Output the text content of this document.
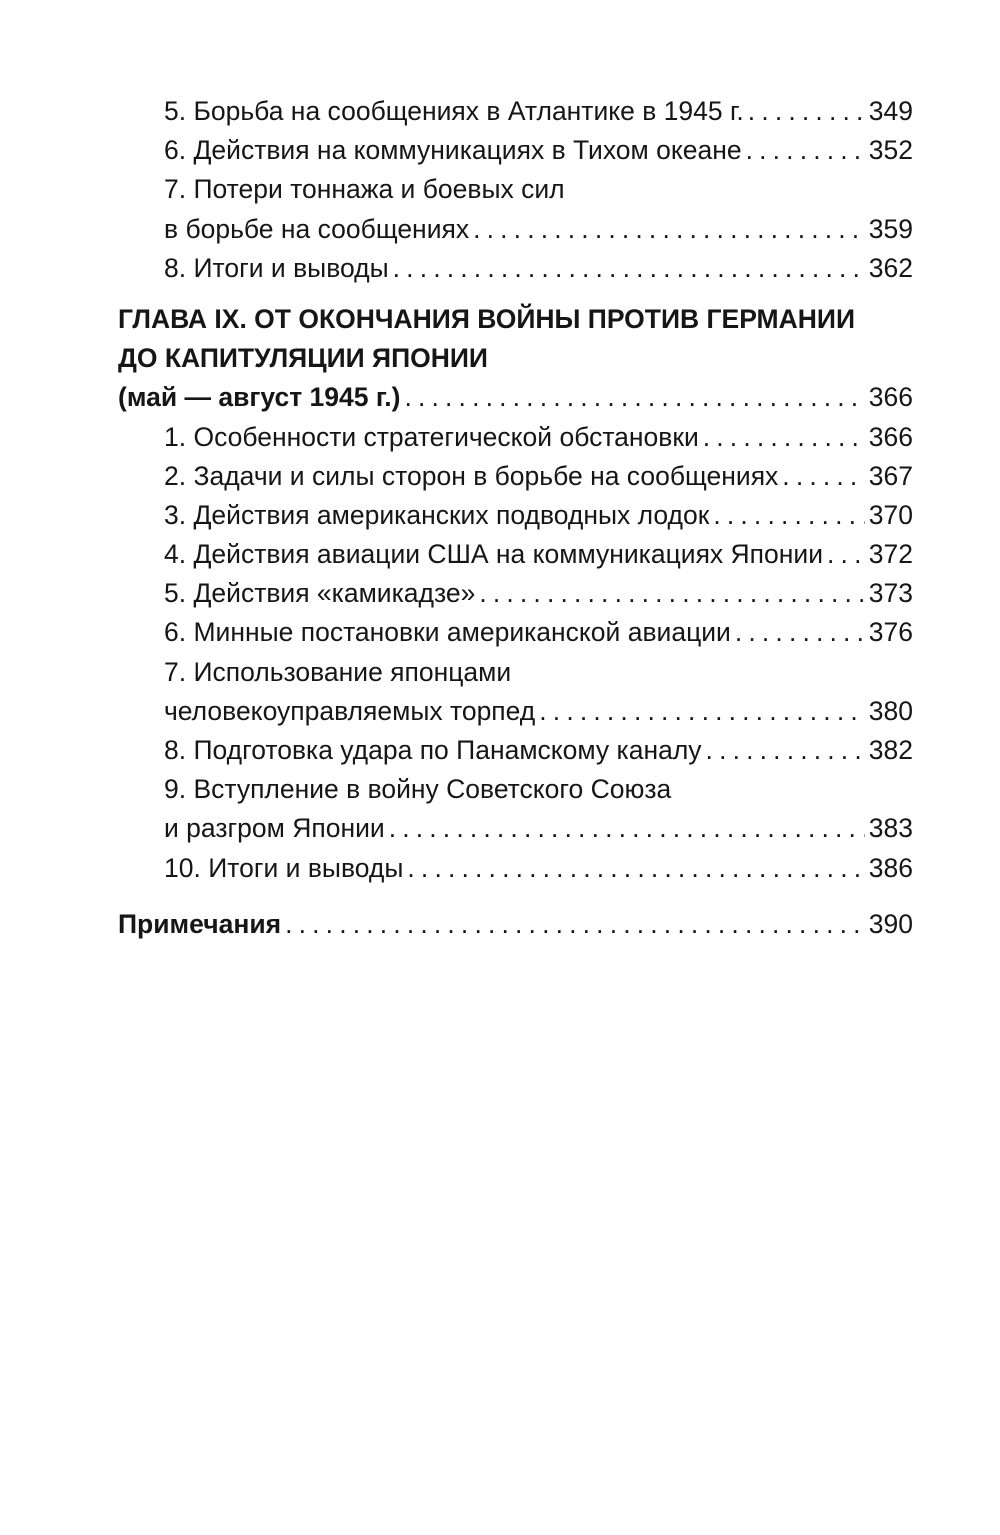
5. Борьба на сообщениях в Атлантике в 1945 г. . . .	349
6. Действия на коммуникациях в Тихом океане . . .	352
7. Потери тоннажа и боевых сил
в борьбе на сообщениях . . .	359
8. Итоги и выводы . . .	362
ГЛАВА IX. ОТ ОКОНЧАНИЯ ВОЙНЫ ПРОТИВ ГЕРМАНИИ
ДО КАПИТУЛЯЦИИ ЯПОНИИ
(май — август 1945 г.) . . .	366
1. Особенности стратегической обстановки . . .	366
2. Задачи и силы сторон в борьбе на сообщениях . . .	367
3. Действия американских подводных лодок . . .	370
4. Действия авиации США на коммуникациях Японии . . . 372
5. Действия «камикадзе» . . .	373
6. Минные постановки американской авиации . . .	376
7. Использование японцами
человекоуправляемых торпед . . .	380
8. Подготовка удара по Панамскому каналу . . .	382
9. Вступление в войну Советского Союза
и разгром Японии . . .	383
10. Итоги и выводы . . .	386
Примечания . . .	390
